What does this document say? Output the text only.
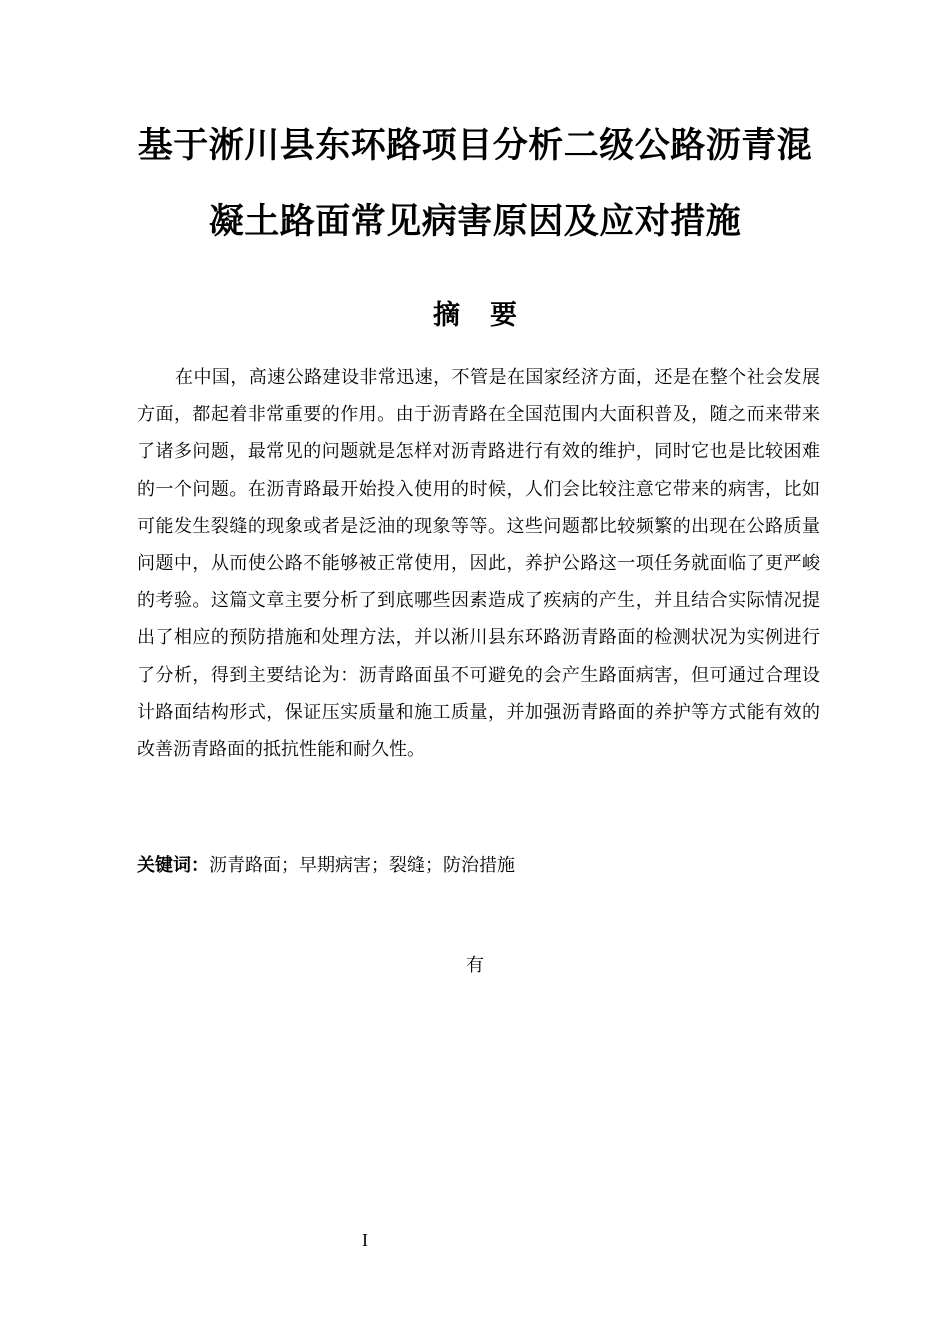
基于淅川县东环路项目分析二级公路沥青混
凝土路面常见病害原因及应对措施
摘要

在中国，高速公路建设非常迅速，不管是在国家经济方面，还是在整个社会发展方面，都起着非常重要的作用。由于沥青路在全国范围内大面积普及，随之而来带来了诸多问题，最常见的问题就是怎样对沥青路进行有效的维护，同时它也是比较困难的一个问题。在沥青路最开始投入使用的时候，人们会比较注意它带来的病害，比如可能发生裂缝的现象或者是泛油的现象等等。这些问题都比较频繁的出现在公路质量问题中，从而使公路不能够被正常使用，因此，养护公路这一项任务就面临了更严峻的考验。这篇文章主要分析了到底哪些因素造成了疾病的产生，并且结合实际情况提出了相应的预防措施和处理方法，并以淅川县东环路沥青路面的检测状况为实例进行了分析，得到主要结论为：沥青路面虽不可避免的会产生路面病害，但可通过合理设计路面结构形式，保证压实质量和施工质量，并加强沥青路面的养护等方式能有效的改善沥青路面的抵抗性能和耐久性。

关键词：沥青路面；早期病害；裂缝；防治措施
有
I
